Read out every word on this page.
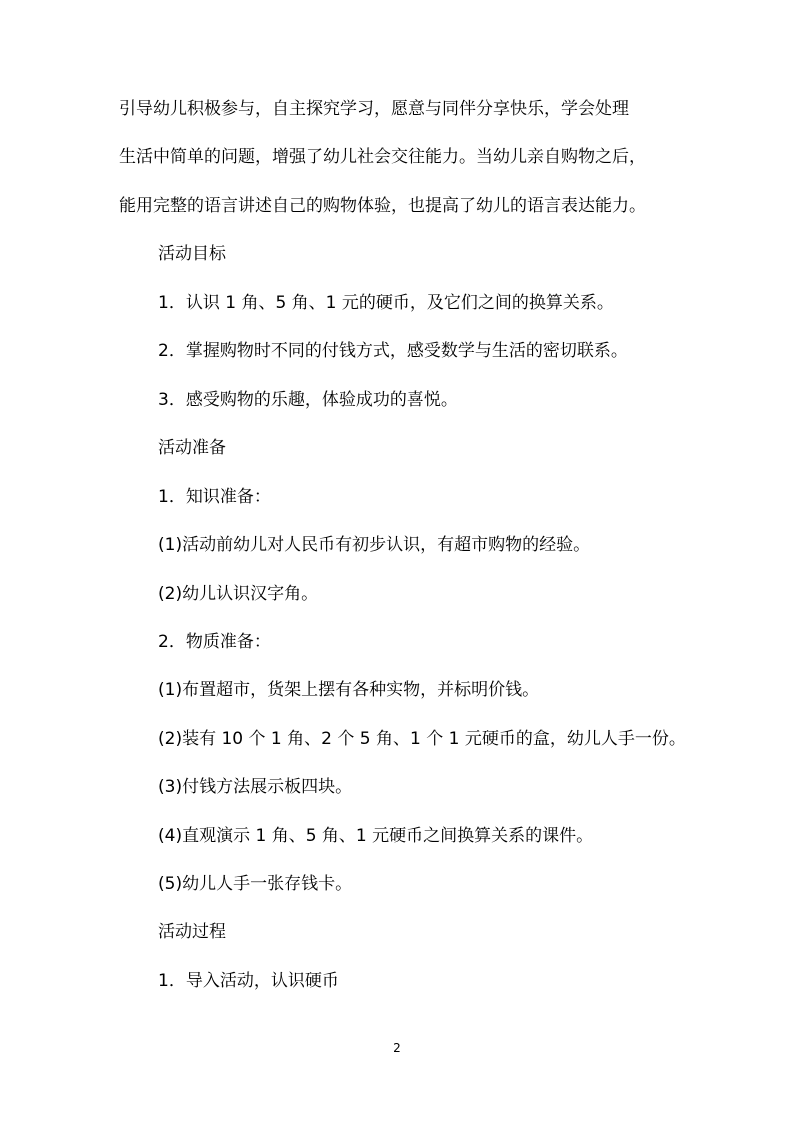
引导幼儿积极参与，自主探究学习，愿意与同伴分享快乐，学会处理
生活中简单的问题，增强了幼儿社会交往能力。当幼儿亲自购物之后，
能用完整的语言讲述自己的购物体验，也提高了幼儿的语言表达能力。
活动目标
1．认识 1 角、5 角、1 元的硬币，及它们之间的换算关系。
2．掌握购物时不同的付钱方式，感受数学与生活的密切联系。
3．感受购物的乐趣，体验成功的喜悦。
活动准备
1．知识准备：
(1)活动前幼儿对人民币有初步认识，有超市购物的经验。
(2)幼儿认识汉字角。
2．物质准备：
(1)布置超市，货架上摆有各种实物，并标明价钱。
(2)装有 10 个 1 角、2 个 5 角、1 个 1 元硬币的盒，幼儿人手一份。
(3)付钱方法展示板四块。
(4)直观演示 1 角、5 角、1 元硬币之间换算关系的课件。
(5)幼儿人手一张存钱卡。
活动过程
1．导入活动，认识硬币
2
